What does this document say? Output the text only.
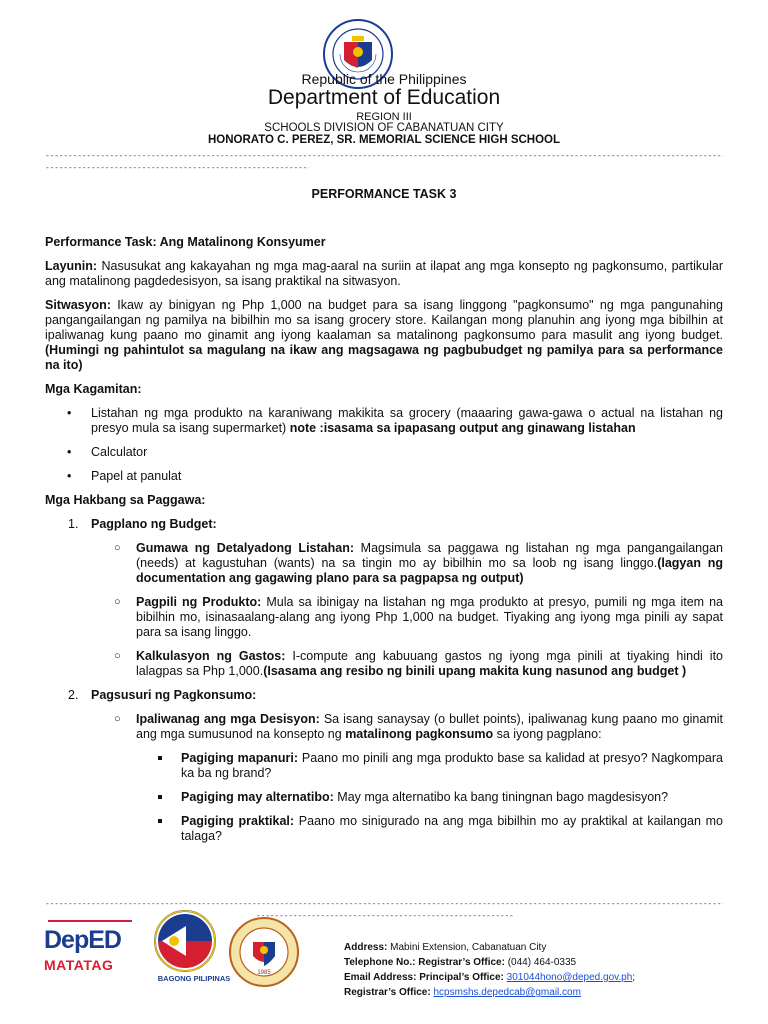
Republic of the Philippines
Department of Education
REGION III
SCHOOLS DIVISION OF CABANATUAN CITY
HONORATO C. PEREZ, SR. MEMORIAL SCIENCE HIGH SCHOOL
-----
-----
PERFORMANCE TASK 3

Performance Task: Ang Matalinong Konsyumer

Layunin: Nasusukat ang kakayahan ng mga mag-aaral na suriin at ilapat ang mga konsepto ng pagkonsumo, partikular ang matalinong pagdedesisyon, sa isang praktikal na sitwasyon.

Sitwasyon: Ikaw ay binigyan ng Php 1,000 na budget para sa isang linggong "pagkonsumo" ng mga pangunahing pangangailangan ng pamilya na bibilhin mo sa isang grocery store. Kailangan mong planuhin ang iyong mga bibilhin at ipaliwanag kung paano mo ginamit ang iyong kaalaman sa matalinong pagkonsumo para masulit ang iyong budget.(Humingi ng pahintulot sa magulang na ikaw ang magsagawa ng pagbubudget ng pamilya para sa performance na ito)

Mga Kagamitan:

• Listahan ng mga produkto na karaniwang makikita sa grocery (maaaring gawa-gawa o actual na listahan ng presyo mula sa isang supermarket) note :isasama sa ipapasang output ang ginawang listahan
• Calculator
• Papel at panulat

Mga Hakbang sa Paggawa:

1. Pagplano ng Budget:
○ Gumawa ng Detalyadong Listahan: Magsimula sa paggawa ng listahan ng mga pangangailangan (needs) at kagustuhan (wants) na sa tingin mo ay bibilhin mo sa loob ng isang linggo.(lagyan ng documentation ang gagawing plano para sa pagpapsa ng output)
○ Pagpili ng Produkto: Mula sa ibinigay na listahan ng mga produkto at presyo, pumili ng mga item na bibilhin mo, isinasaalang-alang ang iyong Php 1,000 na budget. Tiyaking ang iyong mga pinili ay sapat para sa isang linggo.
○ Kalkulasyon ng Gastos: I-compute ang kabuuang gastos ng iyong mga pinili at tiyaking hindi ito lalagpas sa Php 1,000.(Isasama ang resibo ng binili upang makita kung nasunod ang budget )
2. Pagsusuri ng Pagkonsumo:
○ Ipaliwanag ang mga Desisyon: Sa isang sanaysay (o bullet points), ipaliwanag kung paano mo ginamit ang mga sumusunod na konsepto ng matalinong pagkonsumo sa iyong pagplano:
Pagiging mapanuri: Paano mo pinili ang mga produkto base sa kalidad at presyo? Nagkompara ka ba ng brand?
Pagiging may alternatibo: May mga alternatibo ka bang tiningnan bago magdesisyon?
Pagiging praktikal: Paano mo sinigurado na ang mga bibilhin mo ay praktikal at kailangan mo talaga?
-----
-----
DepED
MATATAG
BAGONG PILIPINAS
1985
Address: Mabini Extension, Cabanatuan City
Telephone No.: Registrar’s Office: (044) 464-0335
Email Address: Principal’s Office: 301044hono@deped.gov.ph;
Registrar’s Office: hcpsmshs.depedcab@gmail.com
